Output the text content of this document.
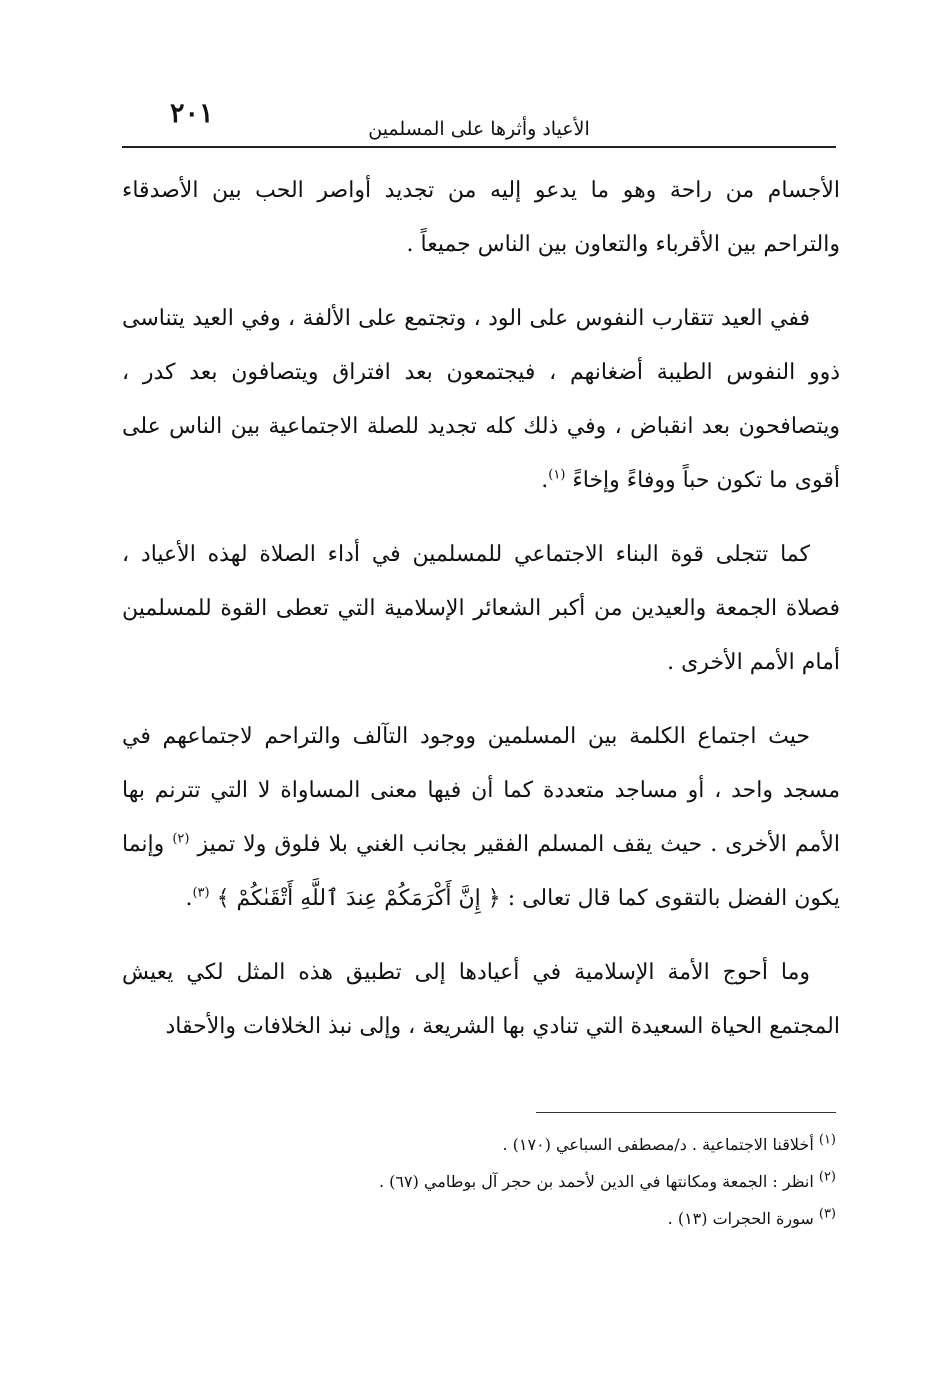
٢٠١	الأعياد وأثرها على المسلمين

الأجسام من راحة وهو ما يدعو إليه من تجديد أواصر الحب بين الأصدقاء والتراحم بين الأقرباء والتعاون بين الناس جميعاً .

ففي العيد تتقارب النفوس على الود ، وتجتمع على الألفة ، وفي العيد يتناسى ذوو النفوس الطيبة أضغانهم ، فيجتمعون بعد افتراق ويتصافون بعد كدر ، ويتصافحون بعد انقباض ، وفي ذلك كله تجديد للصلة الاجتماعية بين الناس على أقوى ما تكون حباً ووفاءً وإخاءً $^{(١)}$.

كما تتجلى قوة البناء الاجتماعي للمسلمين في أداء الصلاة لهذه الأعياد ، فصلاة الجمعة والعيدين من أكبر الشعائر الإسلامية التي تعطى القوة للمسلمين أمام الأمم الأخرى .

حيث اجتماع الكلمة بين المسلمين ووجود التآلف والتراحم لاجتماعهم في مسجد واحد ، أو مساجد متعددة كما أن فيها معنى المساواة لا التي تترنم بها الأمم الأخرى . حيث يقف المسلم الفقير بجانب الغني بلا فلوق ولا تميز $^{(٢)}$ وإنما يكون الفضل بالتقوى كما قال تعالى : ﴿ إِنَّ أَكْرَمَكُمْ عِندَ ٱللَّهِ أَتْقَىٰكُمْ ﴾ $^{(٣)}$.

وما أحوج الأمة الإسلامية في أعيادها إلى تطبيق هذه المثل لكي يعيش المجتمع الحياة السعيدة التي تنادي بها الشريعة ، وإلى نبذ الخلافات والأحقاد

$^{(١)}$ أخلاقنا الاجتماعية . د/مصطفى السباعي (١٧٠) .

$^{(٢)}$ انظر : الجمعة ومكانتها في الدين لأحمد بن حجر آل بوطامي (٦٧) .

$^{(٣)}$ سورة الحجرات (١٣) .
